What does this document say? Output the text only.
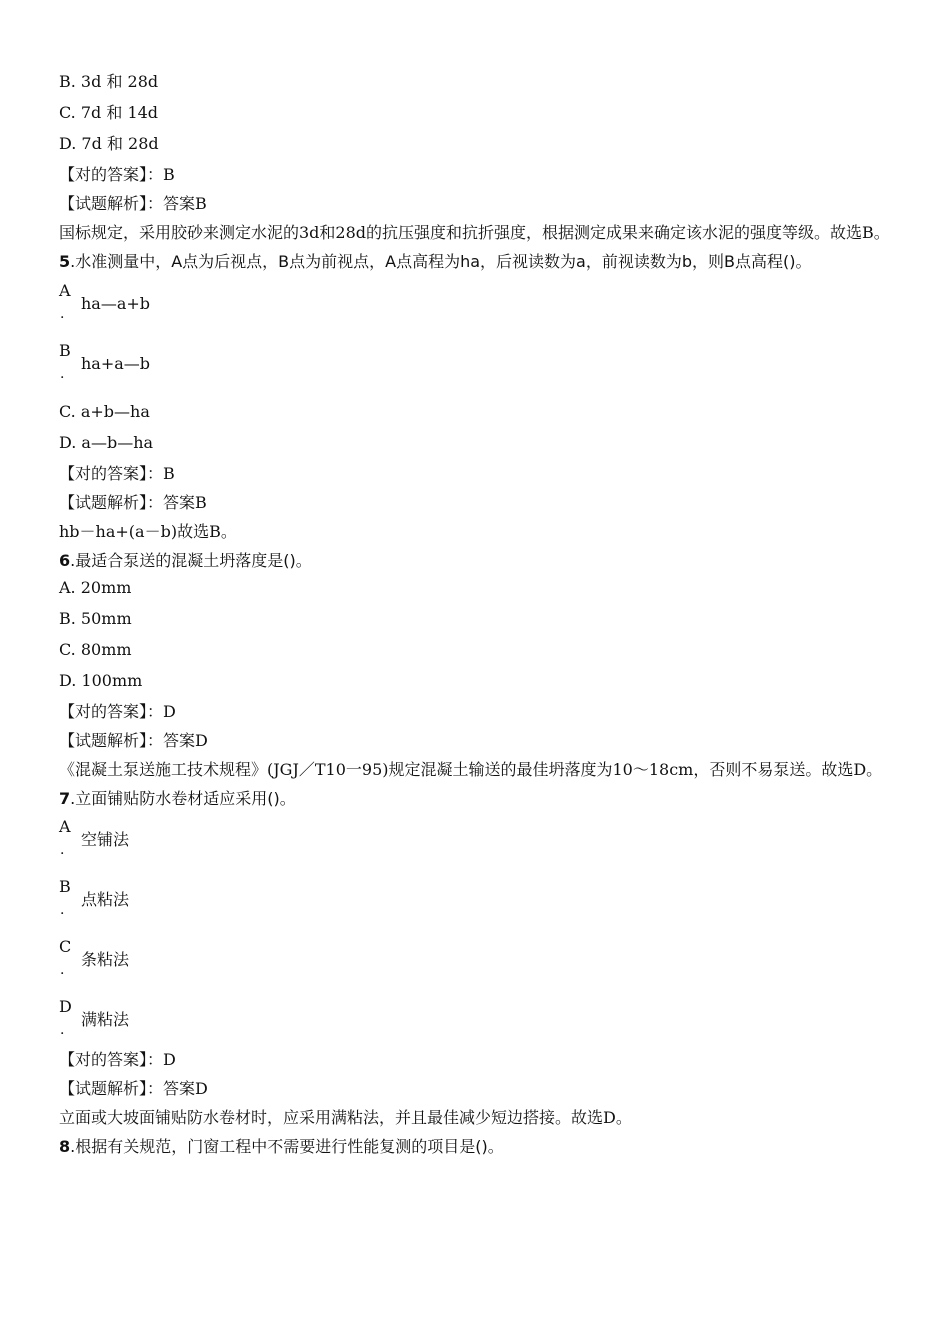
B. 3d 和 28d
C. 7d 和 14d
D. 7d 和 28d
【对的答案】：B
【试题解析】：答案B
国标规定，采用胶砂来测定水泥的3d和28d的抗压强度和抗折强度，根据测定成果来确定该水泥的强度等级。故选B。
5.水准测量中，A点为后视点，B点为前视点，A点高程为ha，后视读数为a，前视读数为b，则B点高程()。
A
·
ha—a+b
B
·
ha+a—b
C. a+b—ha
D. a—b—ha
【对的答案】：B
【试题解析】：答案B
hb－ha+(a－b)故选B。
6.最适合泵送的混凝土坍落度是()。
A. 20mm
B. 50mm
C. 80mm
D. 100mm
【对的答案】：D
【试题解析】：答案D
《混凝土泵送施工技术规程》(JGJ／T10一95)规定混凝土输送的最佳坍落度为10～18cm，否则不易泵送。故选D。
7.立面铺贴防水卷材适应采用()。
A
·
空铺法
B
·
点粘法
C
·
条粘法
D
·
满粘法
【对的答案】：D
【试题解析】：答案D
立面或大坡面铺贴防水卷材时，应采用满粘法，并且最佳减少短边搭接。故选D。
8.根据有关规范，门窗工程中不需要进行性能复测的项目是()。
